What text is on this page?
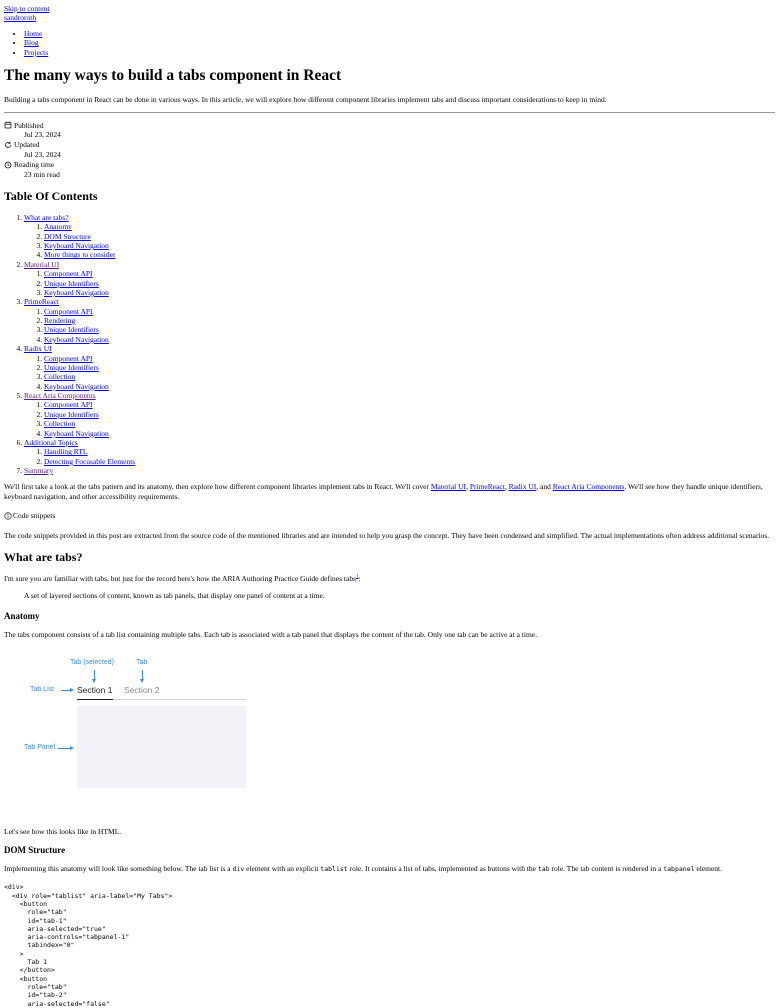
Skip to content
sandroroth
• Home
• Blog
• Projects
The many ways to build a tabs component in React

Building a tabs component in React can be done in various ways. In this article, we will explore how different component libraries implement tabs and discuss important considerations to keep in mind.

Published
Jul 23, 2024
Updated
Jul 23, 2024
Reading time
23 min read
Table Of Contents
1. What are tabs?
1. Anatomy
2. DOM Structure
3. Keyboard Navigation
4. More things to consider
2. Material UI
1. Component API
2. Unique Identifiers
3. Keyboard Navigation
3. PrimeReact
1. Component API
2. Rendering
3. Unique Identifiers
4. Keyboard Navigation
4. Radix UI
1. Component API
2. Unique Identifiers
3. Collection
4. Keyboard Navigation
5. React Aria Components
1. Component API
2. Unique Identifiers
3. Collection
4. Keyboard Navigation
6. Additional Topics
1. Handling RTL
2. Detecting Focusable Elements
7. Summary

We'll first take a look at the tabs pattern and its anatomy, then explore how different component libraries implement tabs in React. We'll cover Material UI, PrimeReact, Radix UI, and React Aria Components. We'll see how they handle unique identifiers, keyboard navigation, and other accessibility requirements.

Code snippets

The code snippets provided in this post are extracted from the source code of the mentioned libraries and are intended to help you grasp the concept. They have been condensed and simplified. The actual implementations often address additional scenarios.

What are tabs?

I'm sure you are familiar with tabs, but just for the record here's how the ARIA Authoring Practice Guide defines tabs$^1$:

A set of layered sections of content, known as tab panels, that display one panel of content at a time.
Anatomy

The tabs component consists of a tab list containing multiple tabs. Each tab is associated with a tab panel that displays the content of the tab. Only one tab can be active at a time.

Tab (selected)	Tab
Tab List	Section 1 Section 2
Tab Panel

Let's see how this looks like in HTML.

DOM Structure

Implementing this anatomy will look like something below. The tab list is a div element with an explicit tablist role. It contains a list of tabs, implemented as buttons with the tab role. The tab content is rendered in a tabpanel element.

<div>
<div role="tablist" aria-label="My Tabs">
<button
role="tab"
id="tab-1"
aria-selected="true"
aria-controls="tabpanel-1"
tabindex="0"
>
Tab 1
</button>
<button
role="tab"
id="tab-2"
aria-selected="false"
